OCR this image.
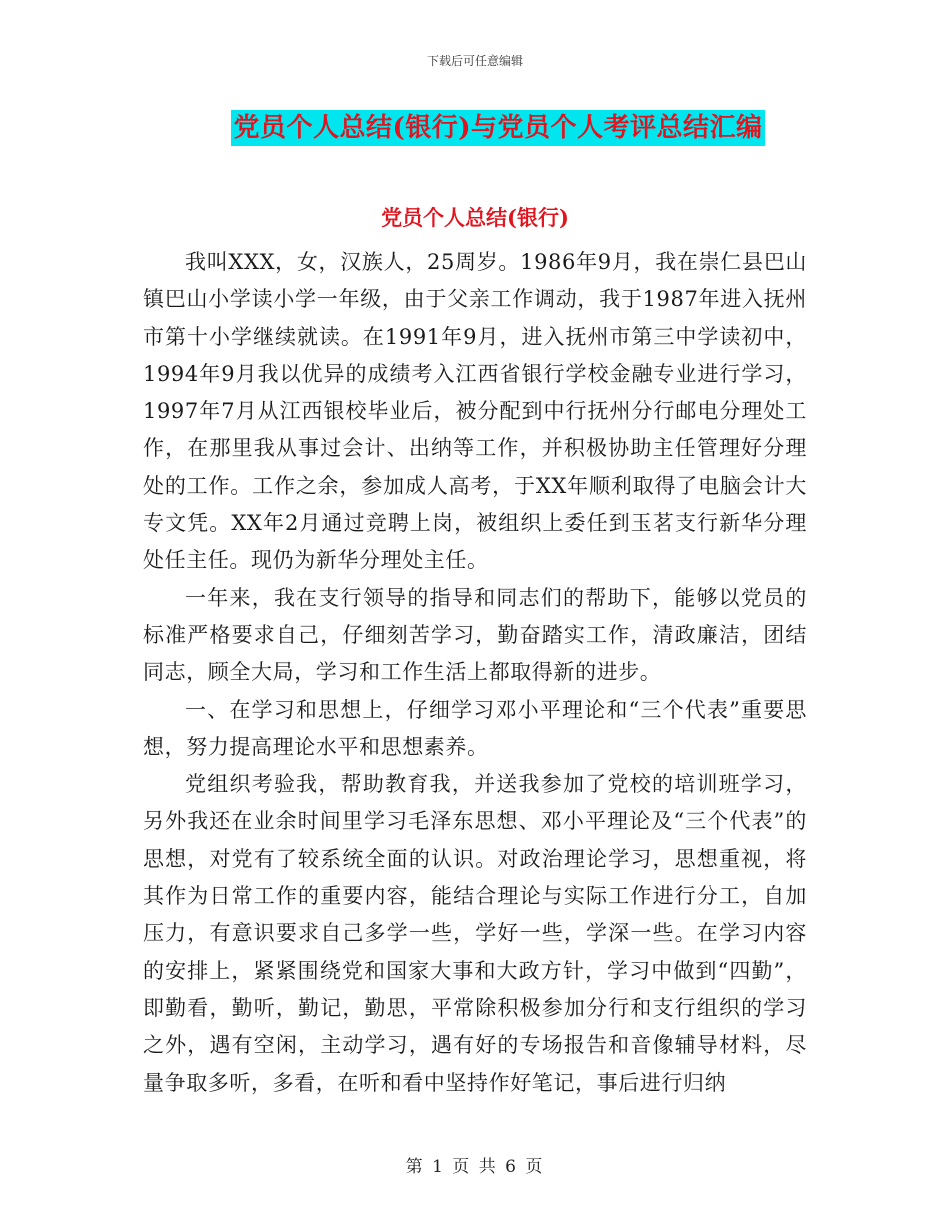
下载后可任意编辑
党员个人总结(银行)与党员个人考评总结汇编
党员个人总结(银行)

我叫XXX，女，汉族人，25周岁。1986年9月，我在崇仁县巴山镇巴山小学读小学一年级，由于父亲工作调动，我于1987年进入抚州市第十小学继续就读。在1991年9月，进入抚州市第三中学读初中，1994年9月我以优异的成绩考入江西省银行学校金融专业进行学习，1997年7月从江西银校毕业后，被分配到中行抚州分行邮电分理处工作，在那里我从事过会计、出纳等工作，并积极协助主任管理好分理处的工作。工作之余，参加成人高考，于XX年顺利取得了电脑会计大专文凭。XX年2月通过竞聘上岗，被组织上委任到玉茗支行新华分理处任主任。现仍为新华分理处主任。

一年来，我在支行领导的指导和同志们的帮助下，能够以党员的标准严格要求自己，仔细刻苦学习，勤奋踏实工作，清政廉洁，团结同志，顾全大局，学习和工作生活上都取得新的进步。

一、在学习和思想上，仔细学习邓小平理论和“三个代表”重要思想，努力提高理论水平和思想素养。

党组织考验我，帮助教育我，并送我参加了党校的培训班学习，另外我还在业余时间里学习毛泽东思想、邓小平理论及“三个代表”的思想，对党有了较系统全面的认识。对政治理论学习，思想重视，将其作为日常工作的重要内容，能结合理论与实际工作进行分工，自加压力，有意识要求自己多学一些，学好一些，学深一些。在学习内容的安排上，紧紧围绕党和国家大事和大政方针，学习中做到“四勤”，即勤看，勤听，勤记，勤思，平常除积极参加分行和支行组织的学习之外，遇有空闲，主动学习，遇有好的专场报告和音像辅导材料，尽量争取多听，多看，在听和看中坚持作好笔记，事后进行归纳

第 1 页 共 6 页
